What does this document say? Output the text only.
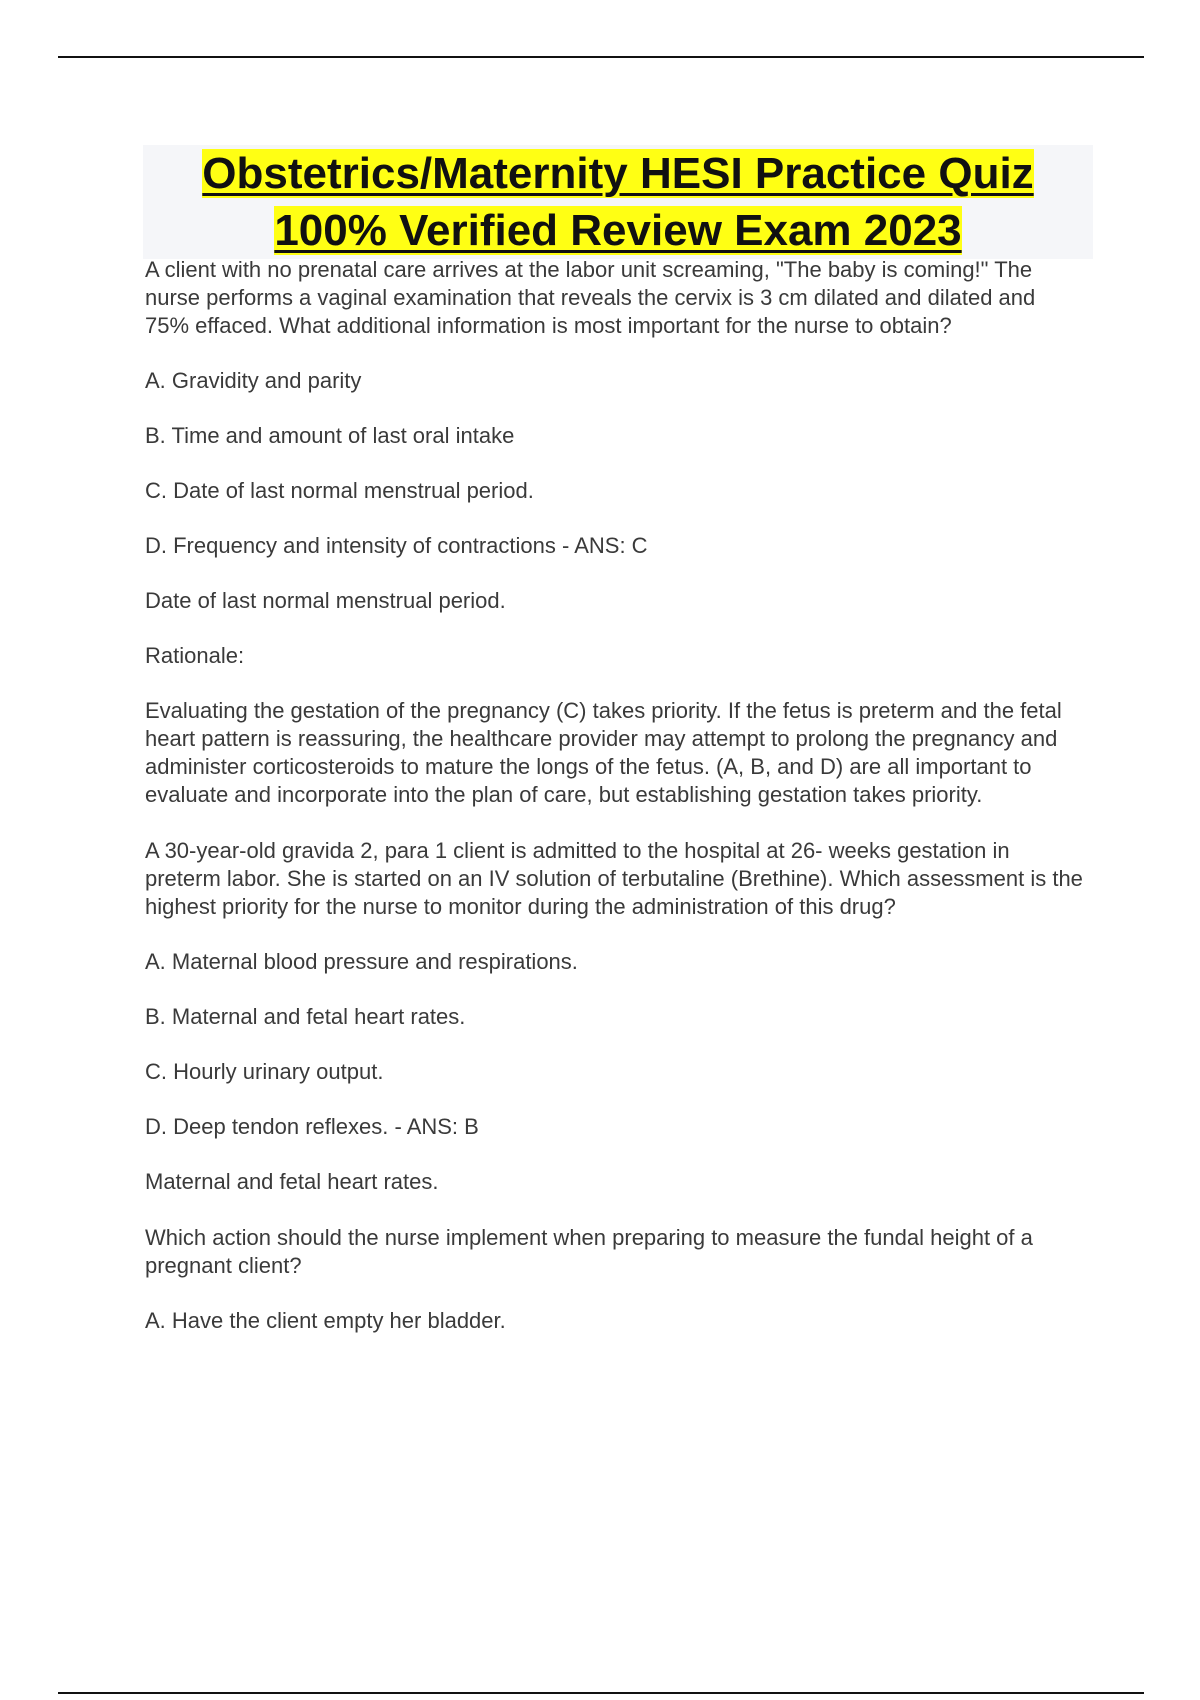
Obstetrics/Maternity HESI Practice Quiz
100% Verified Review Exam 2023

A client with no prenatal care arrives at the labor unit screaming, "The baby is coming!" The nurse performs a vaginal examination that reveals the cervix is 3 cm dilated and dilated and 75% effaced. What additional information is most important for the nurse to obtain?

A. Gravidity and parity

B. Time and amount of last oral intake

C. Date of last normal menstrual period.

D. Frequency and intensity of contractions - ANS: C

Date of last normal menstrual period.

Rationale:

Evaluating the gestation of the pregnancy (C) takes priority. If the fetus is preterm and the fetal heart pattern is reassuring, the healthcare provider may attempt to prolong the pregnancy and administer corticosteroids to mature the longs of the fetus. (A, B, and D) are all important to evaluate and incorporate into the plan of care, but establishing gestation takes priority.

A 30-year-old gravida 2, para 1 client is admitted to the hospital at 26- weeks gestation in preterm labor. She is started on an IV solution of terbutaline (Brethine). Which assessment is the highest priority for the nurse to monitor during the administration of this drug?

A. Maternal blood pressure and respirations.

B. Maternal and fetal heart rates.

C. Hourly urinary output.

D. Deep tendon reflexes. - ANS: B

Maternal and fetal heart rates.

Which action should the nurse implement when preparing to measure the fundal height of a pregnant client?

A. Have the client empty her bladder.
